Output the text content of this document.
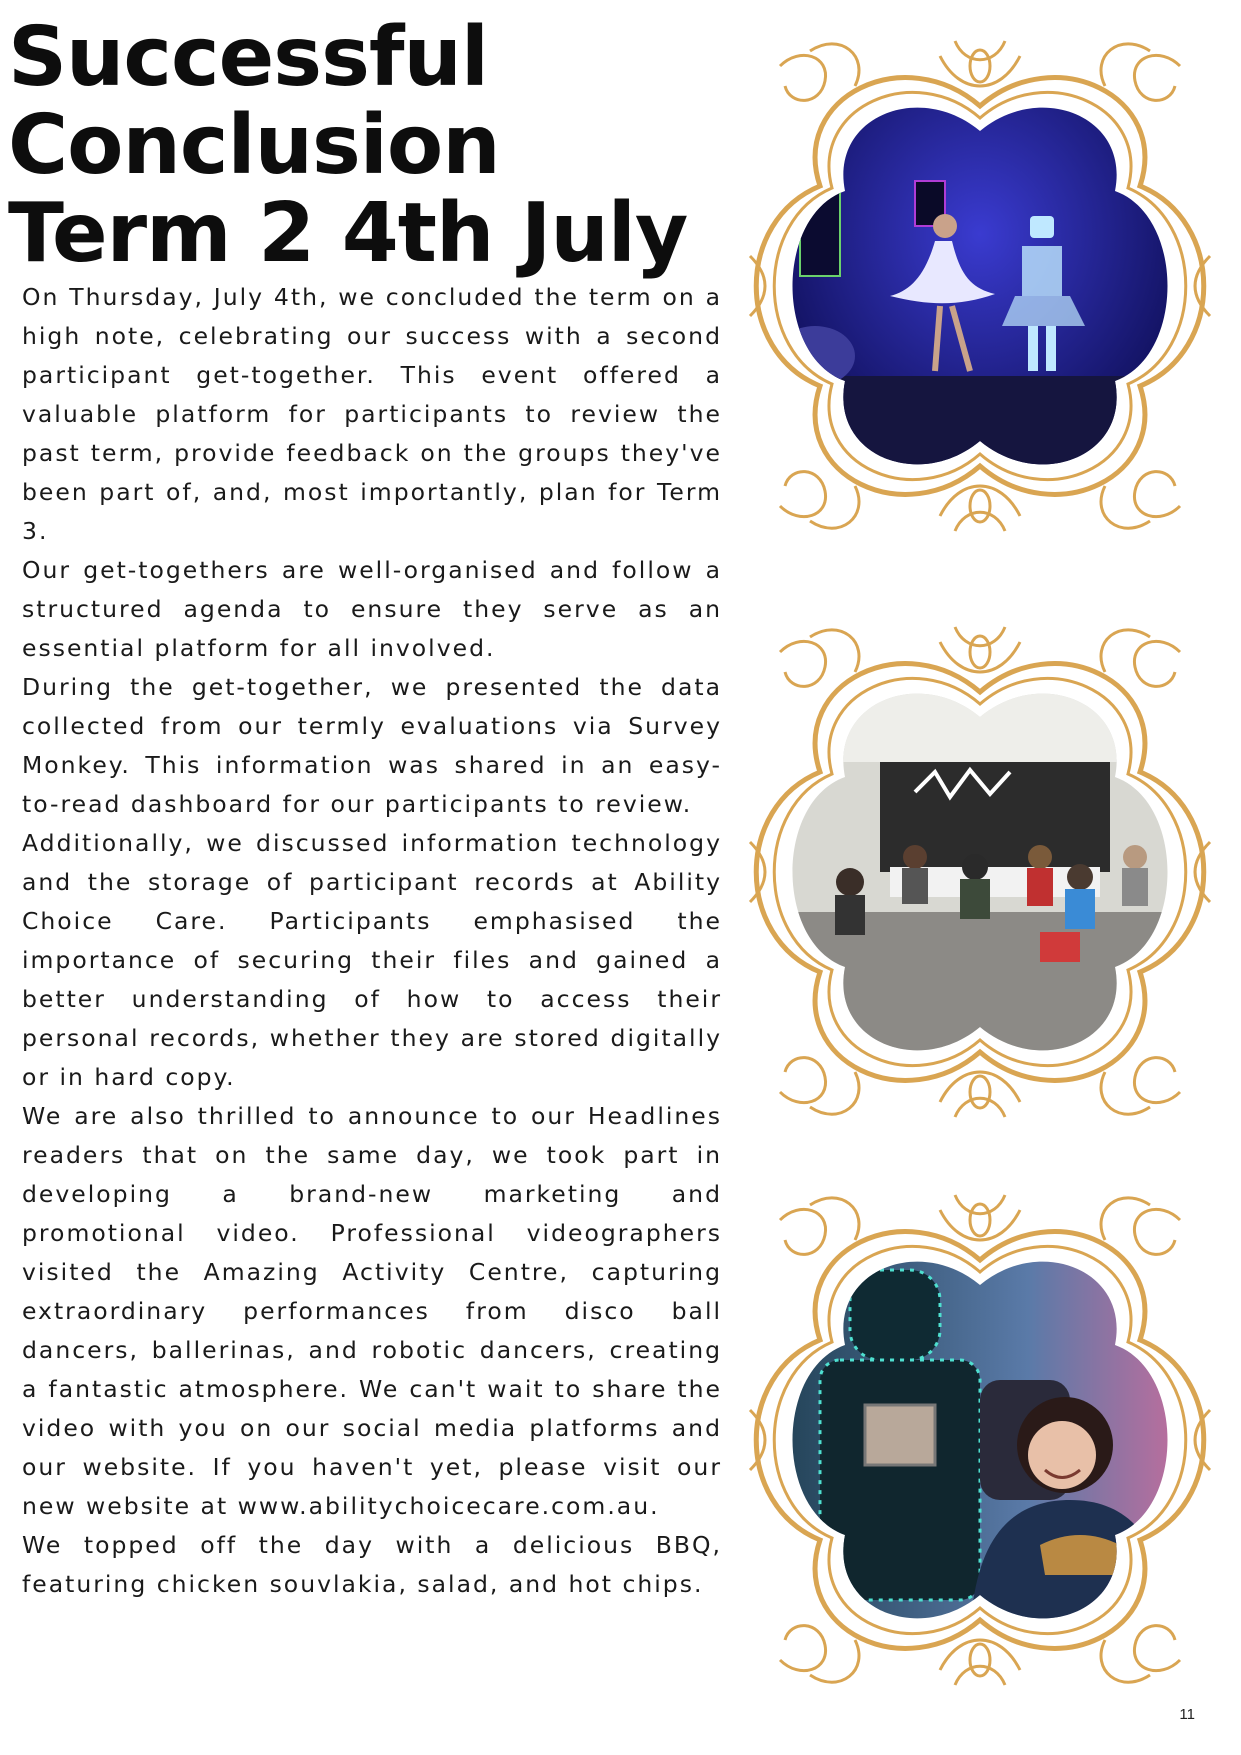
Successful
Conclusion
Term 2 4th July

On Thursday, July 4th, we concluded the term on a high note, celebrating our success with a second participant get-together. This event offered a valuable platform for participants to review the past term, provide feedback on the groups they've been part of, and, most importantly, plan for Term 3.

Our get-togethers are well-organised and follow a structured agenda to ensure they serve as an essential platform for all involved.

During the get-together, we presented the data collected from our termly evaluations via Survey Monkey. This information was shared in an easy-to-read dashboard for our participants to review.

Additionally, we discussed information technology and the storage of participant records at Ability Choice Care. Participants emphasised the importance of securing their files and gained a better understanding of how to access their personal records, whether they are stored digitally or in hard copy.

We are also thrilled to announce to our Headlines readers that on the same day, we took part in developing a brand-new marketing and promotional video. Professional videographers visited the Amazing Activity Centre, capturing extraordinary performances from disco ball dancers, ballerinas, and robotic dancers, creating a fantastic atmosphere. We can't wait to share the video with you on our social media platforms and our website. If you haven't yet, please visit our new website at www.abilitychoicecare.com.au.

We topped off the day with a delicious BBQ, featuring chicken souvlakia, salad, and hot chips.

11
